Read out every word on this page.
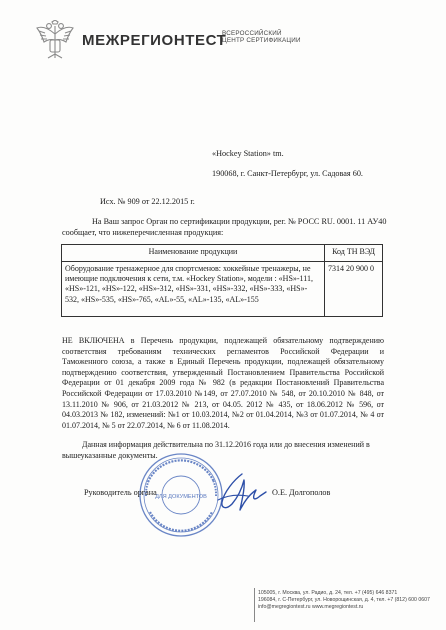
МЕЖРЕГИОНТЕСТ
ВСЕРОССИЙСКИЙ
ЦЕНТР СЕРТИФИКАЦИИ
«Hockey Station» tm.
190068, г. Санкт-Петербург, ул. Садовая 60.
Исх. № 909 от 22.12.2015 г.
На Ваш запрос Орган по сертификации продукции, рег. № РОСС RU. 0001. 11 АУ40
сообщает, что нижеперечисленная продукция:
Наименование продукции	Код ТН ВЭД

Оборудование тренажерное для спортсменов: хоккейные тренажеры, не
имеющие подключения к сети, т.м. «Hockey Station», модели : «HS»-111,
«HS»-121, «HS»-122, «HS»-312, «HS»-331, «HS»-332, «HS»-333, «HS»-
532, «HS»-535, «HS»-765, «AL»-55, «AL»-135, «AL»-155	7314 20 900 0
НЕ ВКЛЮЧЕНА в Перечень продукции, подлежащей обязательному подтверждению
соответствия требованиям технических регламентов Российской Федерации и
Таможенного союза, а также в Единый Перечень продукции, подлежащей обязательному
подтверждению соответствия, утвержденный Постановлением Правительства Российской
Федерации от 01 декабря 2009 года № 982 (в редакции Постановлений Правительства
Российской Федерации от 17.03.2010 №149, от 27.07.2010 № 548, от 20.10.2010 № 848, от
13.11.2010 № 906, от 21.03.2012 № 213, от 04.05. 2012 № 435, от 18.06.2012 № 596, от
04.03.2013 № 182, изменений: №1 от 10.03.2014, №2 от 01.04.2014, №3 от 01.07.2014, № 4 от
01.07.2014, № 5 от 22.07.2014, № 6 от 11.08.2014.
Данная информация действительна по 31.12.2016 года или до внесения изменений в
вышеуказанные документы.
ДЛЯ ДОКУМЕНТОВ
Руководитель органа	О.Е. Долгополов
105005, г. Москва, ул. Радио, д. 24, тел. +7 (495) 646 8371
196084, г. С-Петербург, ул. Новорощинская, д. 4, тел. +7 (812) 600 0607
info@megregiontest.ru www.megregiontest.ru
